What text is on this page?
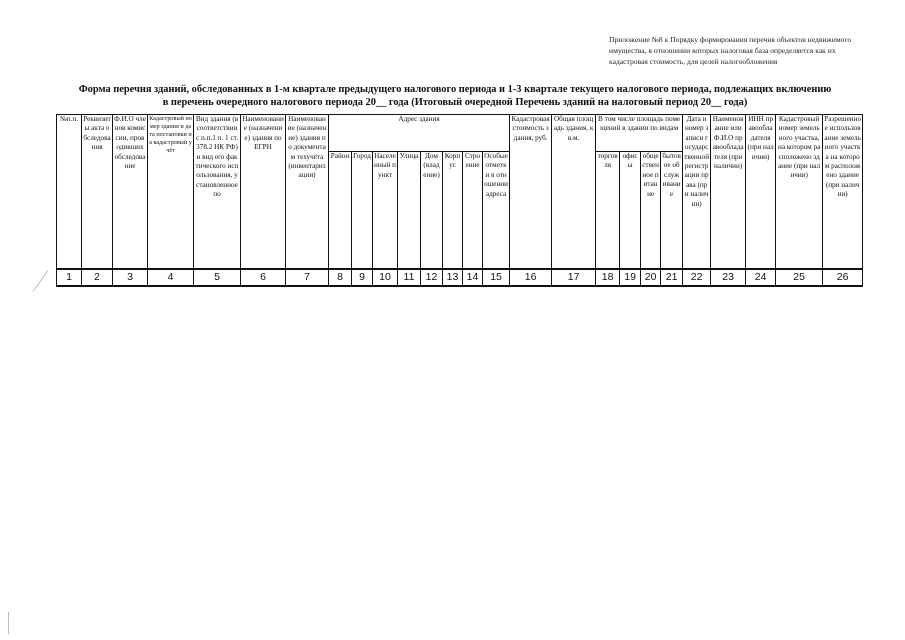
Приложение №8 к Порядку формирования перечня объектов недвижимого имущества, в отношении которых налоговая база определяется как их кадастровая стоимость, для целей налогообложения
Форма перечня зданий, обследованных в 1-м квартале предыдущего налогового периода и 1-3 квартале текущего налогового периода, подлежащих включению
в перечень очередного налогового периода 20__ года (Итоговый очередной Перечень зданий на налоговый период 20__ года)
№п.п.	Реквизиты акта обследования	Ф.И.О членов комиссии, проводивших обследование	Кадастровый номер здания и дата постановки на кадастровый учёт	Вид здания (в соответствии с п.п.1 п. 1 ст. 378.2 НК РФ) и вид его фактического использования, установленное по	Наименование (назначение) здания по ЕГРН	Наименование (назначение) здания по документам техучёта (инвентаризации)	Адрес здания								Кадастровая стоимость здания, руб.	Общая площадь здания, кв.м.	В том числе площадь помещений в здании по видам				Дата и номер записи государственной регистрации права (при наличии)	Наименование или Ф.И.О правообладателя (при наличии)	ИНН правообладателя (при наличии)	Кадастровый номер земельного участка, на котором расположено здание (при наличии)	Разрешенное использование земельного участка на котором расположено здание (при наличии)
							Район	Город	Населенный пункт	Улица	Дом (владение)	Корпус	Строение	Особые отметки в отношении адреса			торговля	офисы	общественное питание	бытовое обслуживание					
1	2	3	4	5	6	7	8	9	10	11	12	13	14	15	16	17	18	19	20	21	22	23	24	25	26
